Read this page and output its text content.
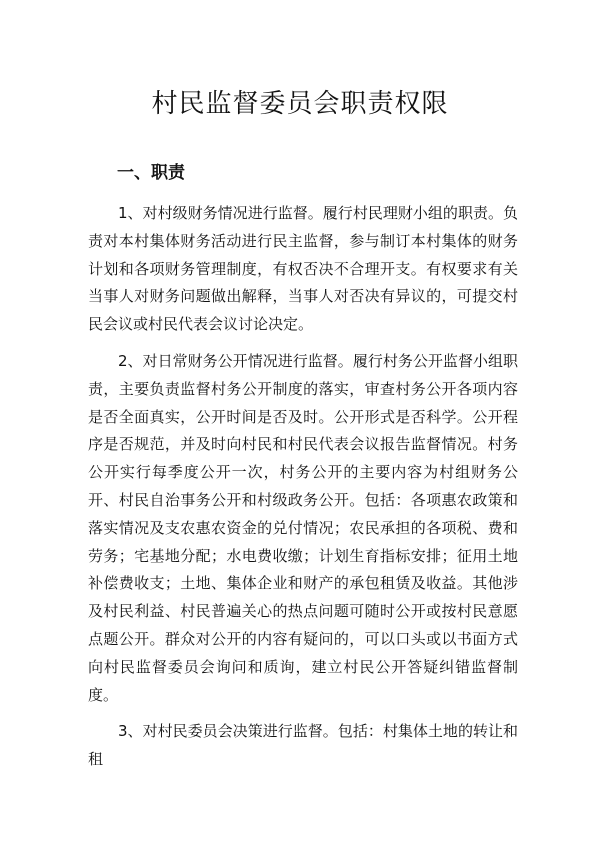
村民监督委员会职责权限
一、职责

1、对村级财务情况进行监督。履行村民理财小组的职责。负责对本村集体财务活动进行民主监督，参与制订本村集体的财务计划和各项财务管理制度，有权否决不合理开支。有权要求有关当事人对财务问题做出解释，当事人对否决有异议的，可提交村民会议或村民代表会议讨论决定。

2、对日常财务公开情况进行监督。履行村务公开监督小组职责，主要负责监督村务公开制度的落实，审查村务公开各项内容是否全面真实，公开时间是否及时。公开形式是否科学。公开程序是否规范，并及时向村民和村民代表会议报告监督情况。村务公开实行每季度公开一次，村务公开的主要内容为村组财务公开、村民自治事务公开和村级政务公开。包括：各项惠农政策和落实情况及支农惠农资金的兑付情况；农民承担的各项税、费和劳务；宅基地分配；水电费收缴；计划生育指标安排；征用土地补偿费收支；土地、集体企业和财产的承包租赁及收益。其他涉及村民利益、村民普遍关心的热点问题可随时公开或按村民意愿点题公开。群众对公开的内容有疑问的，可以口头或以书面方式向村民监督委员会询问和质询，建立村民公开答疑纠错监督制度。

3、对村民委员会决策进行监督。包括：村集体土地的转让和租
